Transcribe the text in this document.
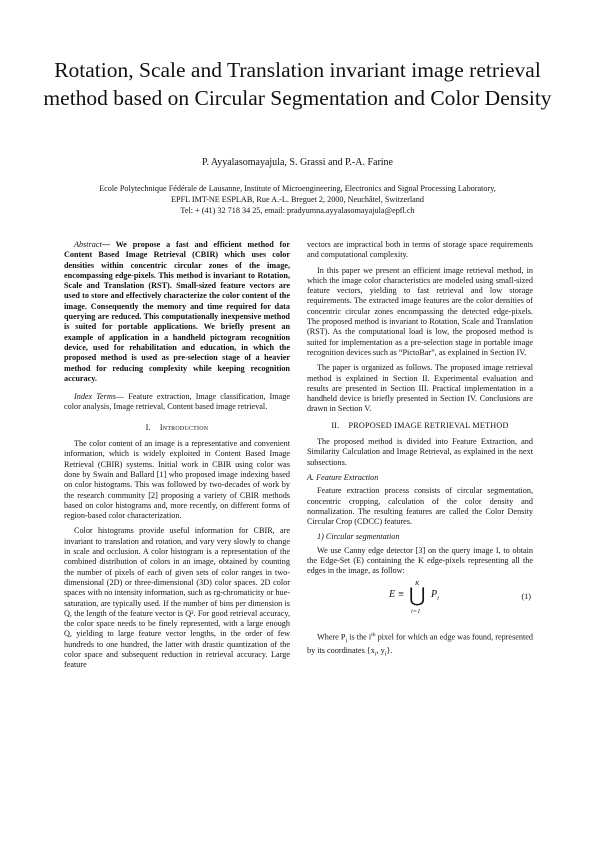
Rotation, Scale and Translation invariant image retrieval method based on Circular Segmentation and Color Density
P. Ayyalasomayajula, S. Grassi and P.-A. Farine
Ecole Polytechnique Fédérale de Lausanne, Institute of Microengineering, Electronics and Signal Processing Laboratory,
EPFL IMT-NE ESPLAB, Rue A.-L. Breguet 2, 2000, Neuchâtel, Switzerland
Tel: + (41) 32 718 34 25, email: pradyumna.ayyalasomayajula@epfl.ch

Abstract— We propose a fast and efficient method for Content Based Image Retrieval (CBIR) which uses color densities within concentric circular zones of the image, encompassing edge-pixels. This method is invariant to Rotation, Scale and Translation (RST). Small-sized feature vectors are used to store and effectively characterize the color content of the image. Consequently the memory and time required for data querying are reduced. This computationally inexpensive method is suited for portable applications. We briefly present an example of application in a handheld pictogram recognition device, used for rehabilitation and education, in which the proposed method is used as pre-selection stage of a heavier method for reducing complexity while keeping recognition accuracy.

Index Terms— Feature extraction, Image classification, Image color analysis, Image retrieval, Content based image retrieval.

I. Introduction

The color content of an image is a representative and convenient information, which is widely exploited in Content Based Image Retrieval (CBIR) systems. Initial work in CBIR using color was done by Swain and Ballard [1] who proposed image indexing based on color histograms. This was followed by two-decades of work by the research community [2] proposing a variety of CBIR methods based on color histograms and, more recently, on different forms of region-based color characterization.

Color histograms provide useful information for CBIR, are invariant to translation and rotation, and vary very slowly to change in scale and occlusion. A color histogram is a representation of the combined distribution of colors in an image, obtained by counting the number of pixels of each of given sets of color ranges in two-dimensional (2D) or three-dimensional (3D) color spaces. 2D color spaces with no intensity information, such as rg-chromaticity or hue-saturation, are typically used. If the number of bins per dimension is Q, the length of the feature vector is Q². For good retrieval accuracy, the color space needs to be finely represented, with a large enough Q, yielding to large feature vector lengths, in the order of few hundreds to one hundred, the latter with drastic quantization of the color space and subsequent reduction in retrieval accuracy. Large feature

vectors are impractical both in terms of storage space requirements and computational complexity.

In this paper we present an efficient image retrieval method, in which the image color characteristics are modeled using small-sized feature vectors, yielding to fast retrieval and low storage requirements. The extracted image features are the color densities of concentric circular zones encompassing the detected edge-pixels. The proposed method is invariant to Rotation, Scale and Translation (RST). As the computational load is low, the proposed method is suited for implementation as a pre-selection stage in portable image recognition devices such as “PictoBar”, as explained in Section IV.

The paper is organized as follows. The proposed image retrieval method is explained in Section II. Experimental evaluation and results are presented in Section III. Practical implementation in a handheld device is briefly presented in Section IV. Conclusions are drawn in Section V.

II. PROPOSED IMAGE RETRIEVAL METHOD

The proposed method is divided into Feature Extraction, and Similarity Calculation and Image Retrieval, as explained in the next subsections.

A. Feature Extraction

Feature extraction process consists of circular segmentation, concentric cropping, calculation of the color density and normalization. The resulting features are called the Color Density Circular Crop (CDCC) features.

1) Circular segmentation

We use Canny edge detector [3] on the query image I, to obtain the Edge-Set (E) containing the K edge-pixels representing all the edges in the image, as follow:

E ≡
K
⋃
i=1
$P_i$	(1)

Where $P_i$ is the $i^{th}$ pixel for which an edge was found, represented by its coordinates {$x_i$, $y_i$}.
